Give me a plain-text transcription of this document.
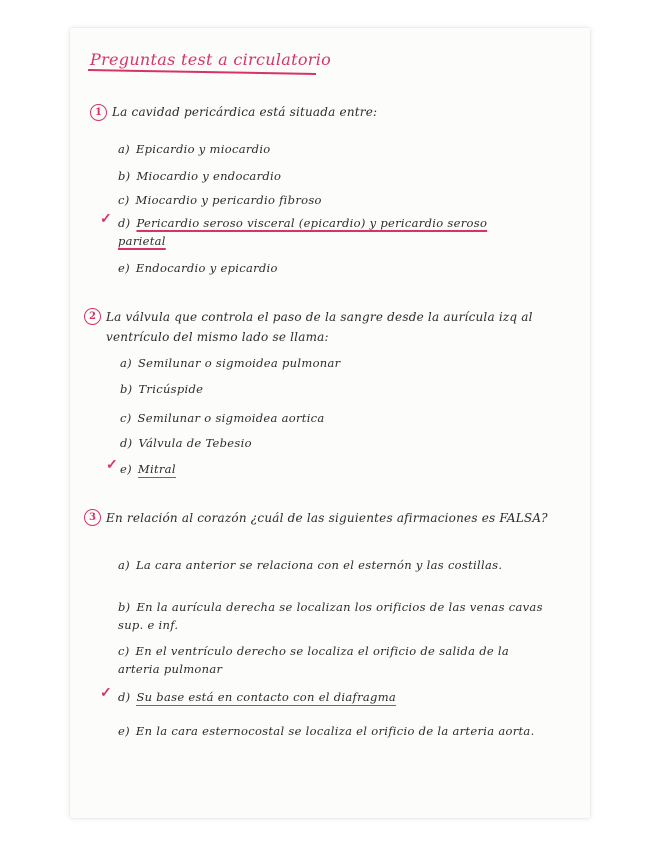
Preguntas test a circulatorio
1 La cavidad pericárdica está situada entre:
a) Epicardio y miocardio
b) Miocardio y endocardio
c) Miocardio y pericardio fibroso
✓ d) Pericardio seroso visceral (epicardio) y pericardio seroso parietal
e) Endocardio y epicardio
2 La válvula que controla el paso de la sangre desde la aurícula izq al ventrículo del mismo lado se llama:
a) Semilunar o sigmoidea pulmonar
b) Tricúspide
c) Semilunar o sigmoidea aortica
d) Válvula de Tebesio
✓ e) Mitral
3 En relación al corazón ¿cuál de las siguientes afirmaciones es FALSA?
a) La cara anterior se relaciona con el esternón y las costillas.
b) En la aurícula derecha se localizan los orificios de las venas cavas sup. e inf.
c) En el ventrículo derecho se localiza el orificio de salida de la arteria pulmonar
✓ d) Su base está en contacto con el diafragma
e) En la cara esternocostal se localiza el orificio de la arteria aorta.
